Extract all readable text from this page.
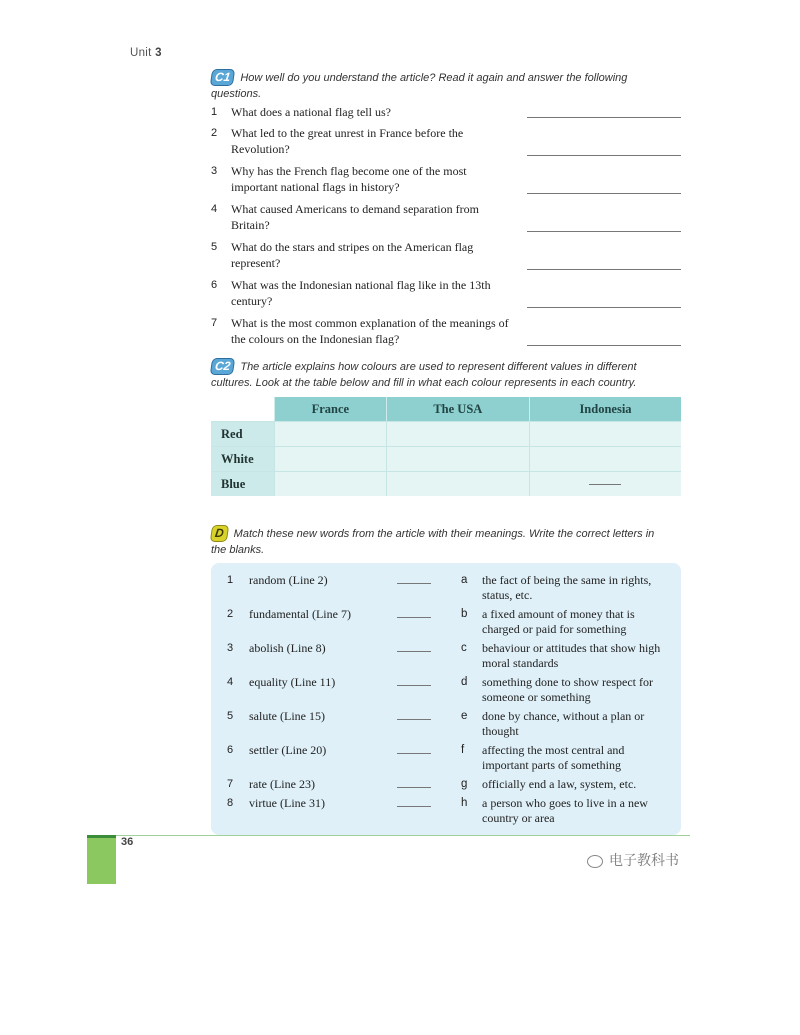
Unit 3
C1 How well do you understand the article? Read it again and answer the following questions.
1	What does a national flag tell us?
2	What led to the great unrest in France before the Revolution?
3	Why has the French flag become one of the most important national flags in history?
4	What caused Americans to demand separation from Britain?
5	What do the stars and stripes on the American flag represent?
6	What was the Indonesian national flag like in the 13th century?
7	What is the most common explanation of the meanings of the colours on the Indonesian flag?
C2 The article explains how colours are used to represent different values in different cultures. Look at the table below and fill in what each colour represents in each country.
	France	The USA	Indonesia
Red			
White			
Blue			
D Match these new words from the article with their meanings. Write the correct letters in the blanks.
1 random (Line 2)	a the fact of being the same in rights, status, etc.
2 fundamental (Line 7)	b a fixed amount of money that is charged or paid for something
3 abolish (Line 8)	c behaviour or attitudes that show high moral standards
4 equality (Line 11)	d something done to show respect for someone or something
5 salute (Line 15)	e done by chance, without a plan or thought
6 settler (Line 20)	f affecting the most central and important parts of something
7 rate (Line 23)	g officially end a law, system, etc.
8 virtue (Line 31)	h a person who goes to live in a new country or area
36
电子教科书
